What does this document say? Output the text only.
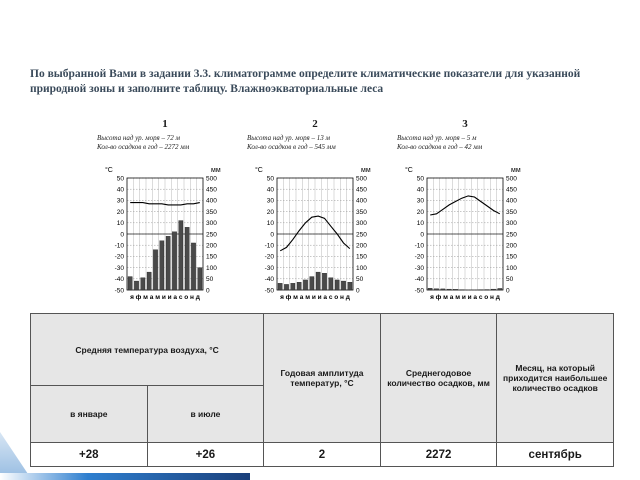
По выбранной Вами в задании 3.3. климатограмме определите климатические показатели для указанной природной зоны и заполните таблицу. Влажноэкваториальные леса
1
Высота над ур. моря – 72 м
Кол-во осадков в год – 2272 мм
°C	мм
50	500
40	450
30	400
20	350
10	300
0	250
-10	200
-20	150
-30	100
-40	50
-50	0
я ф м а м и и а с о н д
2
Высота над ур. моря – 13 м
Кол-во осадков в год – 545 мм
°C	мм
50	500
40	450
30	400
20	350
10	300
0	250
-10	200
-20	150
-30	100
-40	50
-50	0
я ф м а м и и а с о н д
3
Высота над ур. моря – 5 м
Кол-во осадков в год – 42 мм
°C	мм
50	500
40	450
30	400
20	350
10	300
0	250
-10	200
-20	150
-30	100
-40	50
-50	0
я ф м а м и и а с о н д
Средняя температура воздуха, °С		Годовая амплитуда температур, °С	Среднегодовое количество осадков, мм	Месяц, на который приходится наибольшее количество осадков
в январе	в июле			
+28	+26	2	2272	сентябрь
